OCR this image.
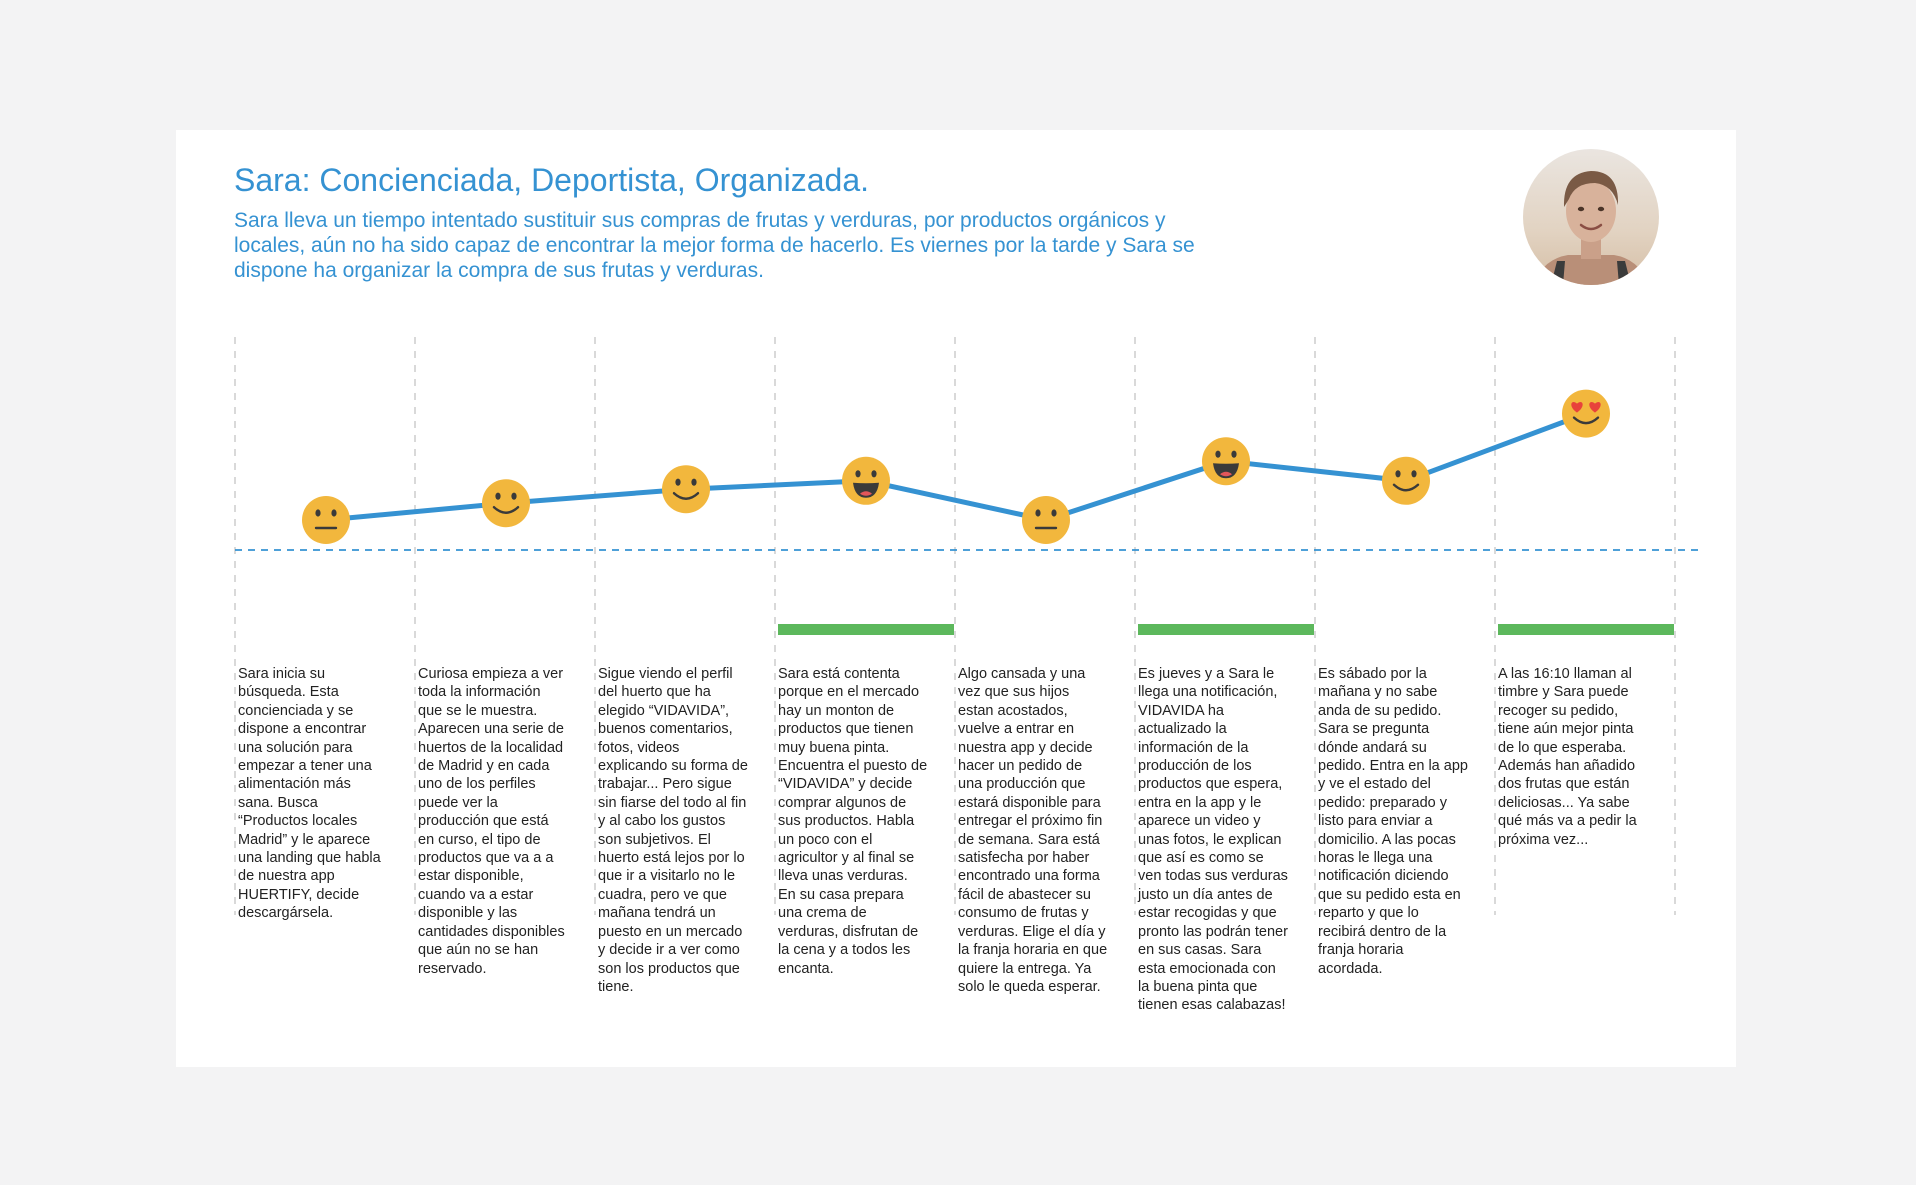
Sara: Concienciada, Deportista, Organizada.

Sara lleva un tiempo intentado sustituir sus compras de frutas y verduras, por productos orgánicos y locales, aún no ha sido capaz de encontrar la mejor forma de hacerlo. Es viernes por la tarde y Sara se dispone ha organizar la compra de sus frutas y verduras.

Sara inicia su búsqueda. Esta concienciada y se dispone a encontrar una solución para empezar a tener una alimentación más sana. Busca “Productos locales Madrid” y le aparece una landing que habla de nuestra app HUERTIFY, decide descargársela.

Curiosa empieza a ver toda la información que se le muestra. Aparecen una serie de huertos de la localidad de Madrid y en cada uno de los perfiles puede ver la producción que está en curso, el tipo de productos que va a a estar disponible, cuando va a estar disponible y las cantidades disponibles que aún no se han reservado.

Sigue viendo el perfil del huerto que ha elegido “VIDAVIDA”, buenos comentarios, fotos, videos explicando su forma de trabajar... Pero sigue sin fiarse del todo al fin y al cabo los gustos son subjetivos. El huerto está lejos por lo que ir a visitarlo no le cuadra, pero ve que mañana tendrá un puesto en un mercado y decide ir a ver como son los productos que tiene.

Sara está contenta porque en el mercado hay un monton de productos que tienen muy buena pinta. Encuentra el puesto de “VIDAVIDA” y decide comprar algunos de sus productos. Habla un poco con el agricultor y al final se lleva unas verduras. En su casa prepara una crema de verduras, disfrutan de la cena y a todos les encanta.

Algo cansada y una vez que sus hijos estan acostados, vuelve a entrar en nuestra app y decide hacer un pedido de una producción que estará disponible para entregar el próximo fin de semana. Sara está satisfecha por haber encontrado una forma fácil de abastecer su consumo de frutas y verduras. Elige el día y la franja horaria en que quiere la entrega. Ya solo le queda esperar.

Es jueves y a Sara le llega una notificación, VIDAVIDA ha actualizado la información de la producción de los productos que espera, entra en la app y le aparece un video y unas fotos, le explican que así es como se ven todas sus verduras justo un día antes de estar recogidas y que pronto las podrán tener en sus casas. Sara esta emocionada con la buena pinta que tienen esas calabazas!

Es sábado por la mañana y no sabe anda de su pedido. Sara se pregunta dónde andará su pedido. Entra en la app y ve el estado del pedido: preparado y listo para enviar a domicilio. A las pocas horas le llega una notificación diciendo que su pedido esta en reparto y que lo recibirá dentro de la franja horaria acordada.

A las 16:10 llaman al timbre y Sara puede recoger su pedido, tiene aún mejor pinta de lo que esperaba. Además han añadido dos frutas que están deliciosas... Ya sabe qué más va a pedir la próxima vez...
